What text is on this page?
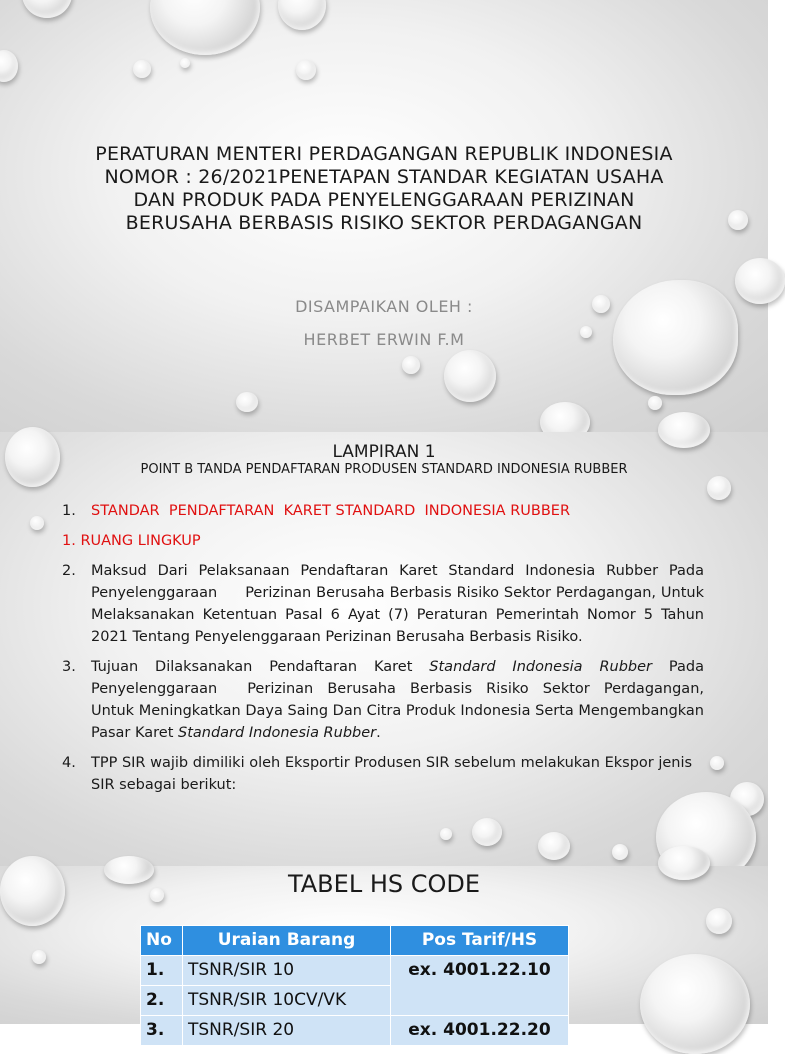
PERATURAN MENTERI PERDAGANGAN REPUBLIK INDONESIA
NOMOR : 26/2021PENETAPAN STANDAR KEGIATAN USAHA
DAN PRODUK PADA PENYELENGGARAAN PERIZINAN
BERUSAHA BERBASIS RISIKO SEKTOR PERDAGANGAN
DISAMPAIKAN OLEH :
HERBET ERWIN F.M
LAMPIRAN 1
POINT B TANDA PENDAFTARAN PRODUSEN STANDARD INDONESIA RUBBER
1.	STANDAR  PENDAFTARAN  KARET STANDARD  INDONESIA RUBBER
1. RUANG LINGKUP
2.	Maksud Dari Pelaksanaan Pendaftaran Karet Standard Indonesia Rubber Pada Penyelenggaraan Perizinan Berusaha Berbasis Risiko Sektor Perdagangan, Untuk Melaksanakan Ketentuan Pasal 6 Ayat (7) Peraturan Pemerintah Nomor 5 Tahun 2021 Tentang Penyelenggaraan Perizinan Berusaha Berbasis Risiko.
3.	Tujuan Dilaksanakan Pendaftaran Karet Standard Indonesia Rubber Pada Penyelenggaraan Perizinan Berusaha Berbasis Risiko Sektor Perdagangan, Untuk Meningkatkan Daya Saing Dan Citra Produk Indonesia Serta Mengembangkan Pasar Karet Standard Indonesia Rubber.
4.	TPP SIR wajib dimiliki oleh Eksportir Produsen SIR sebelum melakukan Ekspor jenis SIR sebagai berikut:
TABEL HS CODE
No	Uraian Barang	Pos Tarif/HS
1.	TSNR/SIR 10	ex. 4001.22.10
2.	TSNR/SIR 10CV/VK	
3.	TSNR/SIR 20	ex. 4001.22.20
